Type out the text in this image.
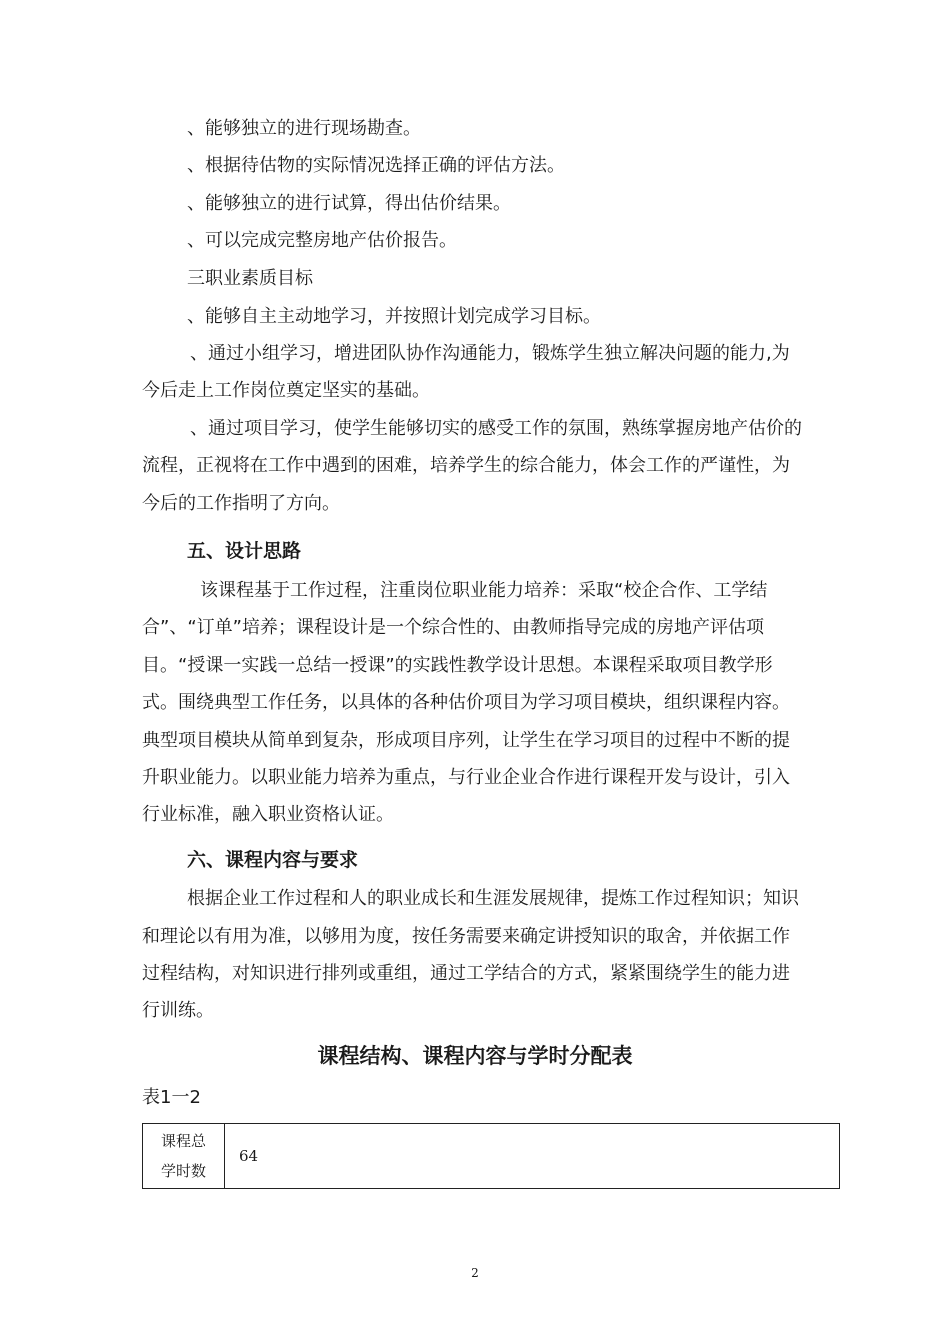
、能够独立的进行现场勘查。
、根据待估物的实际情况选择正确的评估方法。
、能够独立的进行试算，得出估价结果。
、可以完成完整房地产估价报告。
三职业素质目标
、能够自主主动地学习，并按照计划完成学习目标。
、通过小组学习，增进团队协作沟通能力，锻炼学生独立解决问题的能力,为
今后走上工作岗位奠定坚实的基础。
、通过项目学习，使学生能够切实的感受工作的氛围，熟练掌握房地产估价的
流程，正视将在工作中遇到的困难，培养学生的综合能力，体会工作的严谨性，为
今后的工作指明了方向。
五、设计思路
该课程基于工作过程，注重岗位职业能力培养：采取“校企合作、工学结
合”、“订单”培养；课程设计是一个综合性的、由教师指导完成的房地产评估项
目。“授课一实践一总结一授课”的实践性教学设计思想。本课程采取项目教学形
式。围绕典型工作任务，以具体的各种估价项目为学习项目模块，组织课程内容。
典型项目模块从简单到复杂，形成项目序列，让学生在学习项目的过程中不断的提
升职业能力。以职业能力培养为重点，与行业企业合作进行课程开发与设计，引入
行业标准，融入职业资格认证。
六、课程内容与要求
根据企业工作过程和人的职业成长和生涯发展规律，提炼工作过程知识；知识
和理论以有用为准，以够用为度，按任务需要来确定讲授知识的取舍，并依据工作
过程结构，对知识进行排列或重组，通过工学结合的方式，紧紧围绕学生的能力进
行训练。
课程结构、课程内容与学时分配表
表1一2
课程总
学时数
64
2
